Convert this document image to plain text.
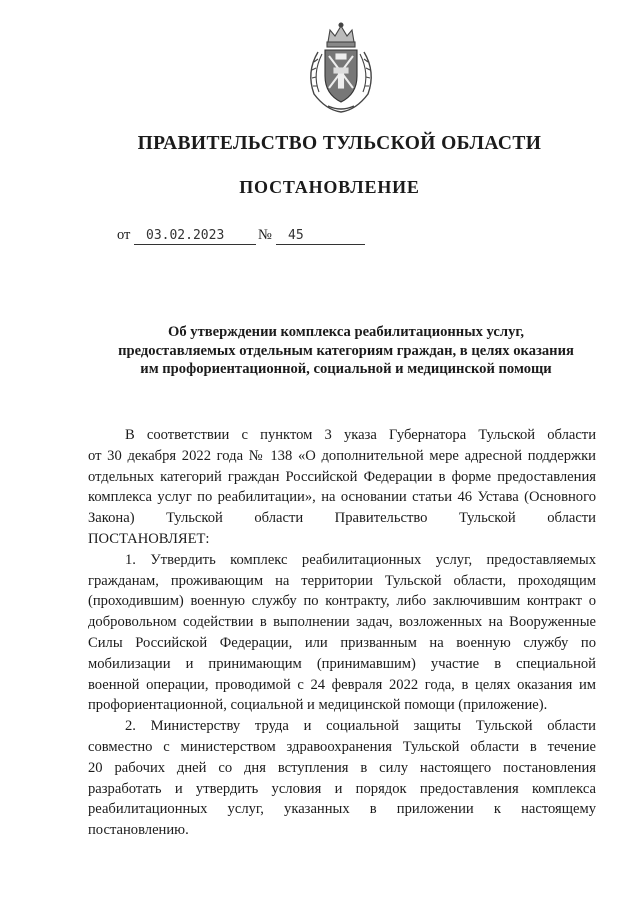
ПРАВИТЕЛЬСТВО ТУЛЬСКОЙ ОБЛАСТИ
ПОСТАНОВЛЕНИЕ
от 03.02.2023 № 45
Об утверждении комплекса реабилитационных услуг,
предоставляемых отдельным категориям граждан, в целях оказания
им профориентационной, социальной и медицинской помощи
В соответствии с пунктом 3 указа Губернатора Тульской области
от 30 декабря 2022 года № 138 «О дополнительной мере адресной поддержки
отдельных категорий граждан Российской Федерации в форме предоставления
комплекса услуг по реабилитации», на основании статьи 46 Устава (Основного
Закона) Тульской области Правительство Тульской области
ПОСТАНОВЛЯЕТ:
1. Утвердить комплекс реабилитационных услуг, предоставляемых
гражданам, проживающим на территории Тульской области, проходящим
(проходившим) военную службу по контракту, либо заключившим контракт о
добровольном содействии в выполнении задач, возложенных на Вооруженные
Силы Российской Федерации, или призванным на военную службу по
мобилизации и принимающим (принимавшим) участие в специальной
военной операции, проводимой с 24 февраля 2022 года, в целях оказания им
профориентационной, социальной и медицинской помощи (приложение).
2. Министерству труда и социальной защиты Тульской области
совместно с министерством здравоохранения Тульской области в течение
20 рабочих дней со дня вступления в силу настоящего постановления
разработать и утвердить условия и порядок предоставления комплекса
реабилитационных услуг, указанных в приложении к настоящему
постановлению.
